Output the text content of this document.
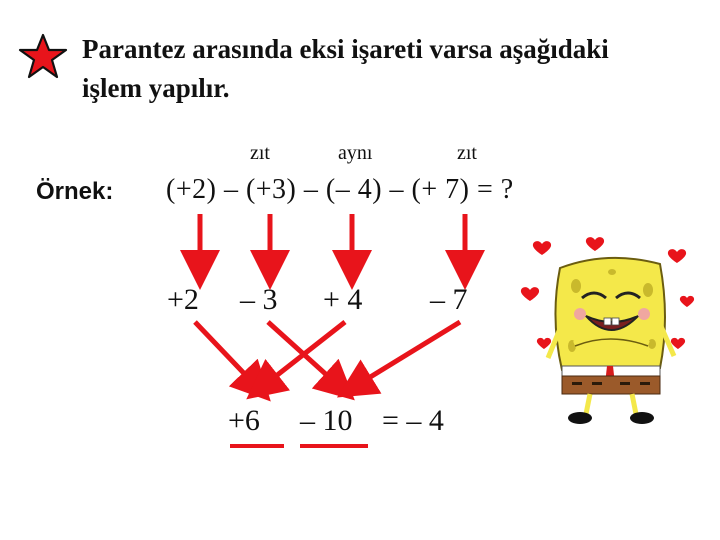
Parantez arasında eksi işareti varsa aşağıdaki
işlem yapılır.
zıt	aynı	zıt
Örnek: (+2) – (+3) – (– 4) – (+ 7) = ?
+2 – 3 + 4 – 7
+6 – 10 = – 4
